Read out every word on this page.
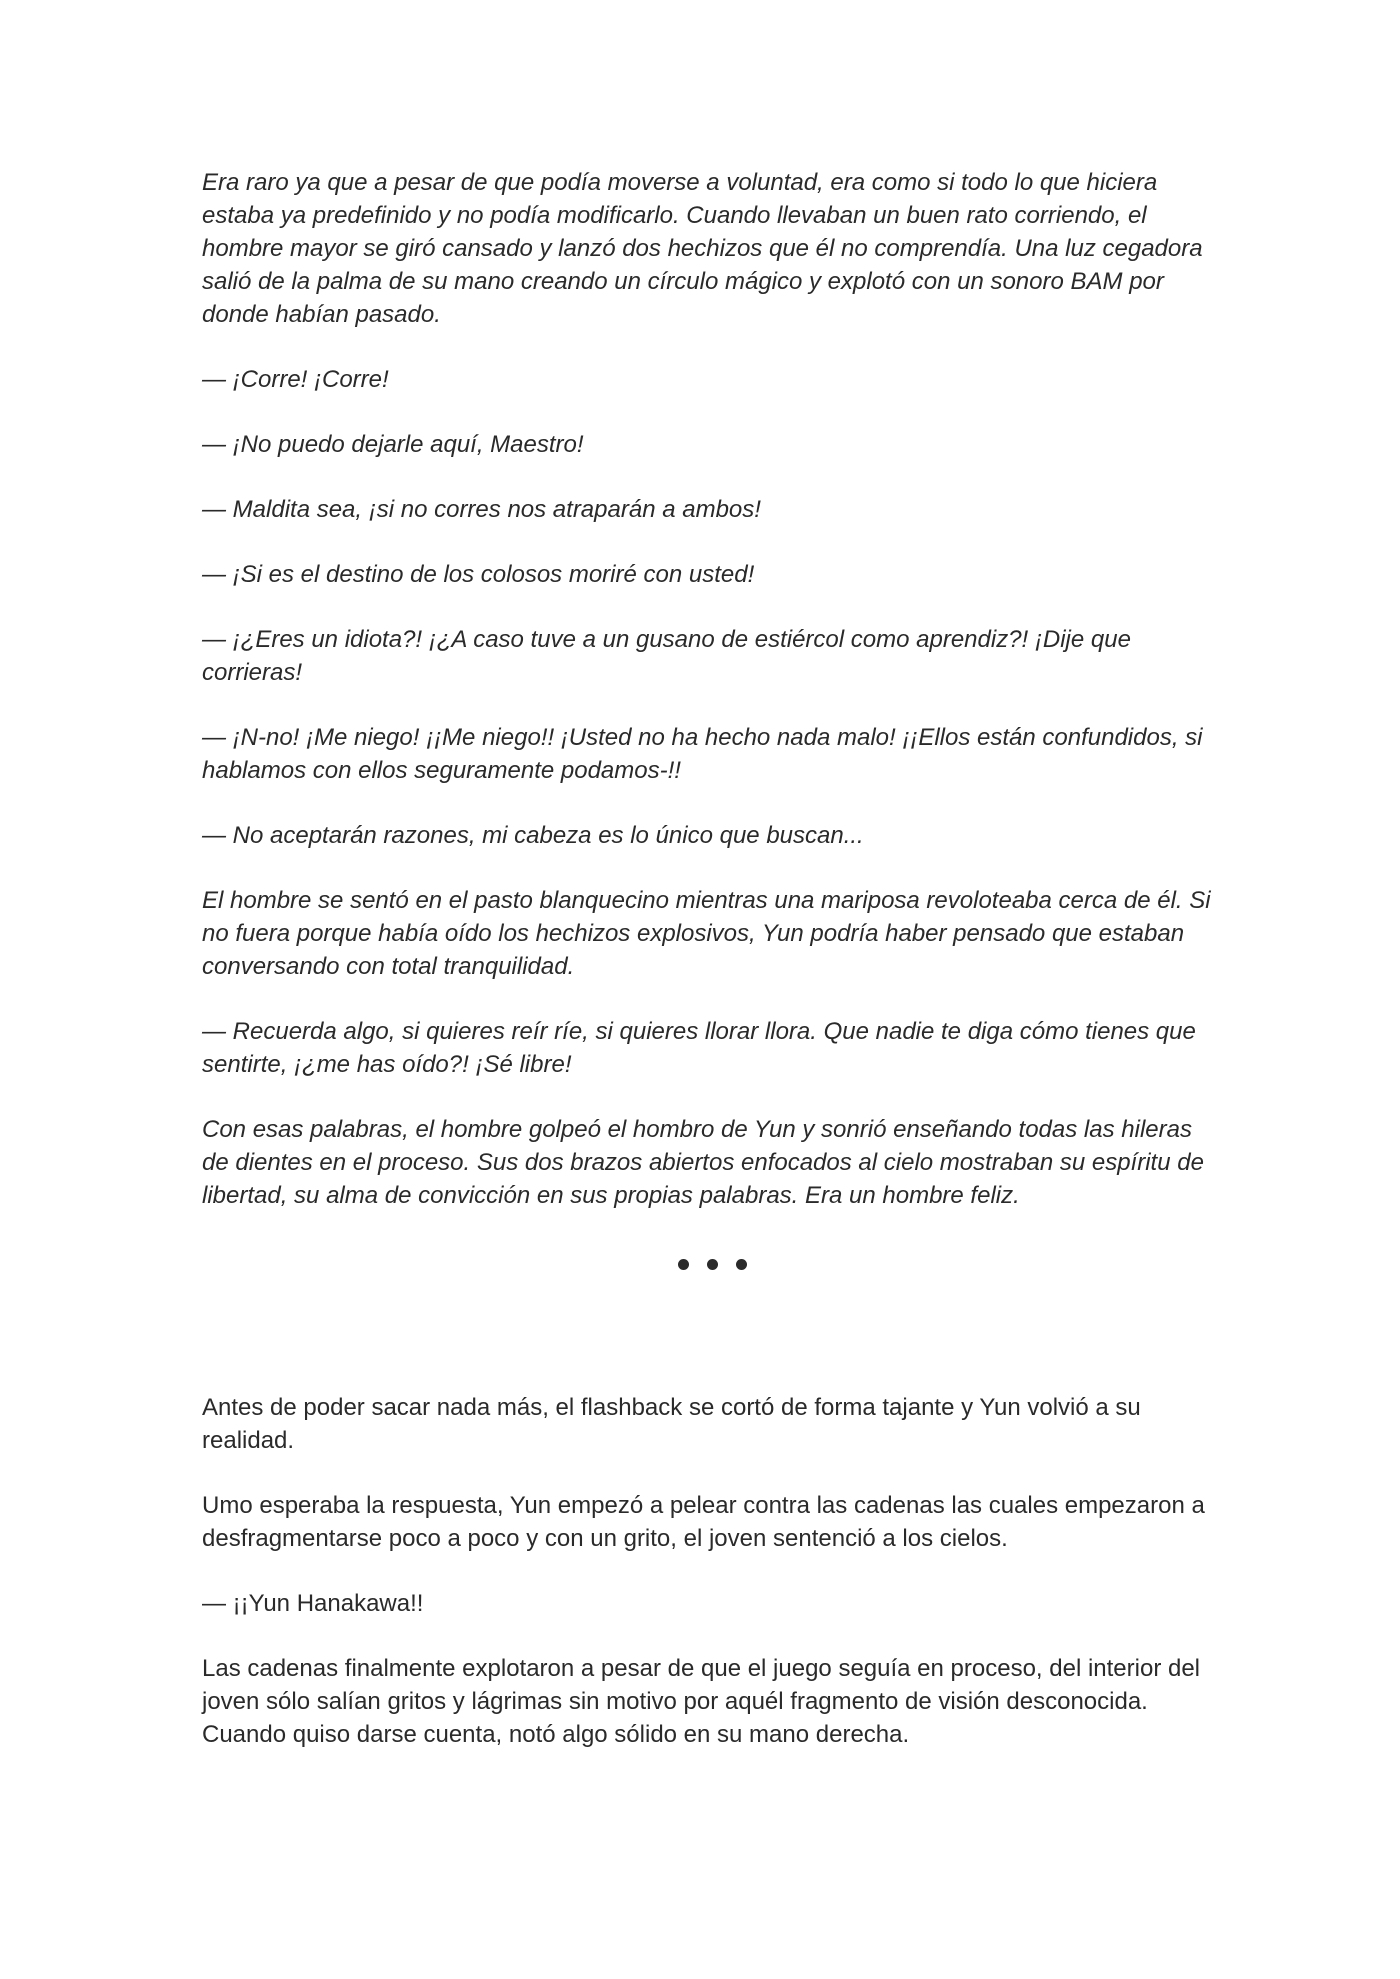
Era raro ya que a pesar de que podía moverse a voluntad, era como si todo lo que hiciera estaba ya predefinido y no podía modificarlo. Cuando llevaban un buen rato corriendo, el hombre mayor se giró cansado y lanzó dos hechizos que él no comprendía. Una luz cegadora salió de la palma de su mano creando un círculo mágico y explotó con un sonoro BAM por donde habían pasado.

— ¡Corre! ¡Corre!

— ¡No puedo dejarle aquí, Maestro!

— Maldita sea, ¡si no corres nos atraparán a ambos!

— ¡Si es el destino de los colosos moriré con usted!

— ¡¿Eres un idiota?! ¡¿A caso tuve a un gusano de estiércol como aprendiz?! ¡Dije que corrieras!

— ¡N-no! ¡Me niego! ¡¡Me niego!! ¡Usted no ha hecho nada malo! ¡¡Ellos están confundidos, si hablamos con ellos seguramente podamos-!!

— No aceptarán razones, mi cabeza es lo único que buscan...

El hombre se sentó en el pasto blanquecino mientras una mariposa revoloteaba cerca de él. Si no fuera porque había oído los hechizos explosivos, Yun podría haber pensado que estaban conversando con total tranquilidad.

— Recuerda algo, si quieres reír ríe, si quieres llorar llora. Que nadie te diga cómo tienes que sentirte, ¡¿me has oído?! ¡Sé libre!

Con esas palabras, el hombre golpeó el hombro de Yun y sonrió enseñando todas las hileras de dientes en el proceso. Sus dos brazos abiertos enfocados al cielo mostraban su espíritu de libertad, su alma de convicción en sus propias palabras. Era un hombre feliz.

Antes de poder sacar nada más, el flashback se cortó de forma tajante y Yun volvió a su realidad.

Umo esperaba la respuesta, Yun empezó a pelear contra las cadenas las cuales empezaron a desfragmentarse poco a poco y con un grito, el joven sentenció a los cielos.

— ¡¡Yun Hanakawa!!

Las cadenas finalmente explotaron a pesar de que el juego seguía en proceso, del interior del joven sólo salían gritos y lágrimas sin motivo por aquél fragmento de visión desconocida. Cuando quiso darse cuenta, notó algo sólido en su mano derecha.
